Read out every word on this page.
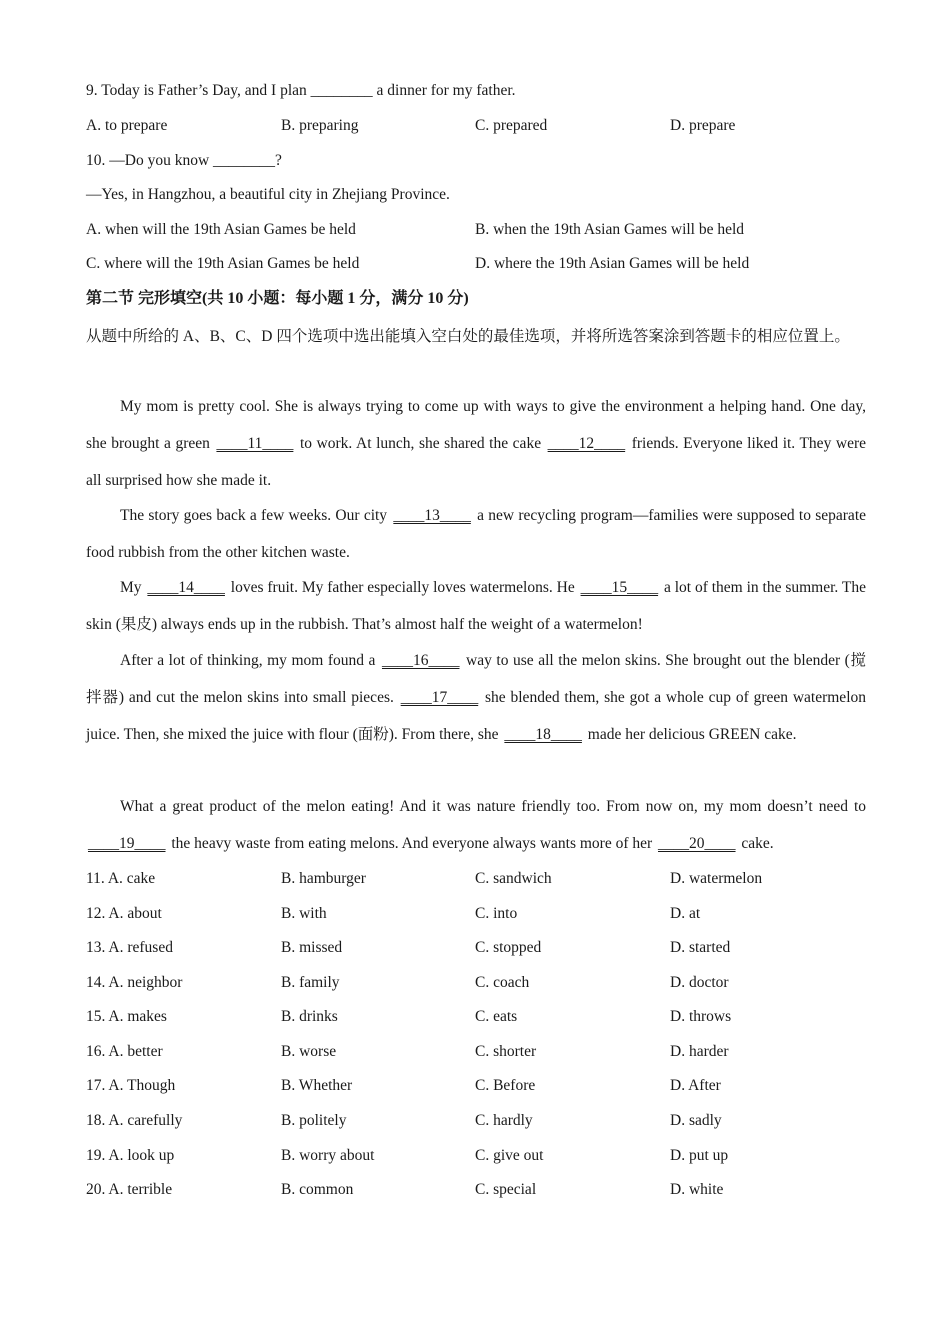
9. Today is Father’s Day, and I plan ________ a dinner for my father.
A. to prepare	B. preparing	C. prepared	D. prepare
10. —Do you know ________?
—Yes, in Hangzhou, a beautiful city in Zhejiang Province.
A. when will the 19th Asian Games be held	B. when the 19th Asian Games will be held
C. where will the 19th Asian Games be held	D. where the 19th Asian Games will be held
第二节 完形填空(共 10 小题：每小题 1 分，满分 10 分)
从题中所给的 A、B、C、D 四个选项中选出能填入空白处的最佳选项，并将所选答案涂到答题卡的相应位置上。
My mom is pretty cool. She is always trying to come up with ways to give the environment a helping hand. One day, she brought a green ____11____ to work. At lunch, she shared the cake ____12____ friends. Everyone liked it. They were all surprised how she made it.
The story goes back a few weeks. Our city ____13____ a new recycling program—families were supposed to separate food rubbish from the other kitchen waste.
My ____14____ loves fruit. My father especially loves watermelons. He ____15____ a lot of them in the summer. The skin (果皮) always ends up in the rubbish. That’s almost half the weight of a watermelon!
After a lot of thinking, my mom found a ____16____ way to use all the melon skins. She brought out the blender (搅拌器) and cut the melon skins into small pieces. ____17____ she blended them, she got a whole cup of green watermelon juice. Then, she mixed the juice with flour (面粉). From there, she ____18____ made her delicious GREEN cake.
What a great product of the melon eating! And it was nature friendly too. From now on, my mom doesn’t need to ____19____ the heavy waste from eating melons. And everyone always wants more of her ____20____ cake.
11. A. cake	B. hamburger	C. sandwich	D. watermelon
12. A. about	B. with	C. into	D. at
13. A. refused	B. missed	C. stopped	D. started
14. A. neighbor	B. family	C. coach	D. doctor
15. A. makes	B. drinks	C. eats	D. throws
16. A. better	B. worse	C. shorter	D. harder
17. A. Though	B. Whether	C. Before	D. After
18. A. carefully	B. politely	C. hardly	D. sadly
19. A. look up	B. worry about	C. give out	D. put up
20. A. terrible	B. common	C. special	D. white
